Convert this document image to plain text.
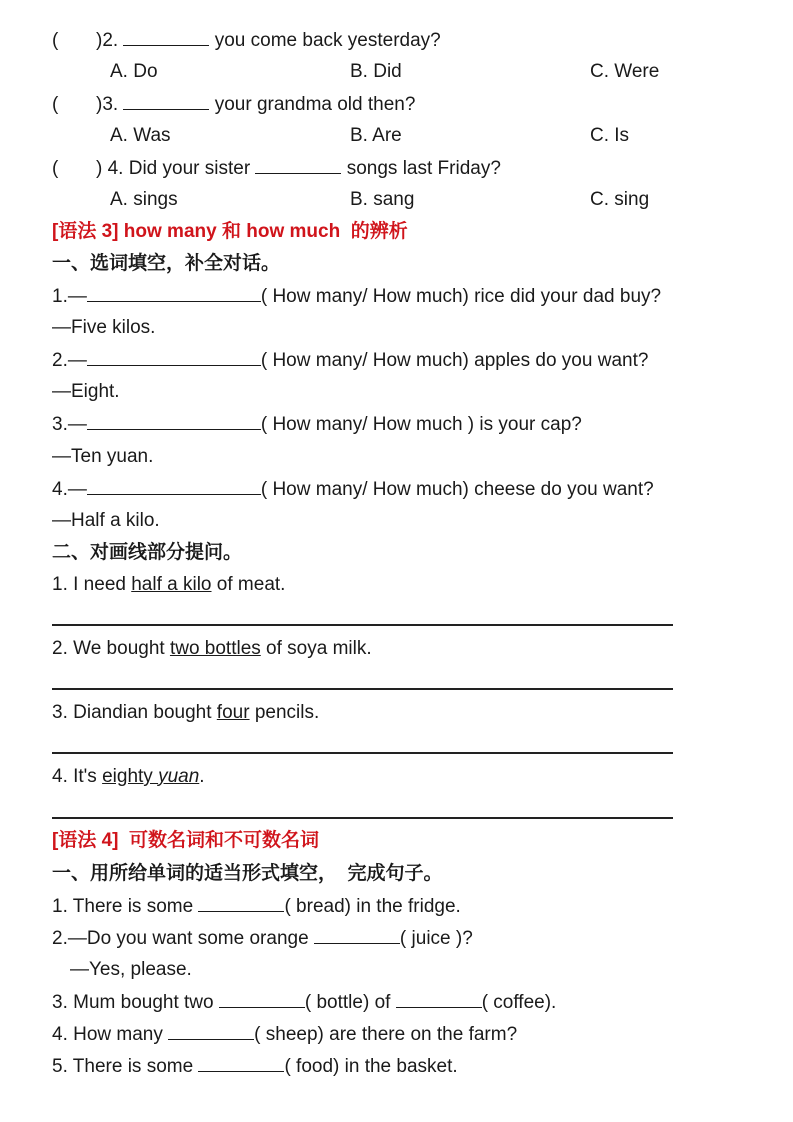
( )2.	you come back yesterday?
A. Do	B. Did	C. Were
( )3.	your grandma old then?
A. Was	B. Are	C. Is
( ) 4. Did your sister	songs last Friday?
A. sings	B. sang	C. sing
[语法 3] how many 和 how much  的辨析
一、选词填空，补全对话。
1.—	( How many/ How much) rice did your dad buy?
—Five kilos.
2.—	( How many/ How much) apples do you want?
—Eight.
3.—	( How many/ How much ) is your cap?
—Ten yuan.
4.—	( How many/ How much) cheese do you want?
—Half a kilo.
二、对画线部分提问。
1. I need half a kilo of meat.
2. We bought two bottles of soya milk.
3. Diandian bought four pencils.
4. It's eighty yuan.
[语法 4]  可数名词和不可数名词
一、用所给单词的适当形式填空，  完成句子。
1. There is some	( bread) in the fridge.
2.—Do you want some orange	( juice )?
—Yes, please.
3. Mum bought two	( bottle) of	( coffee).
4. How many	( sheep) are there on the farm?
5. There is some	( food) in the basket.
